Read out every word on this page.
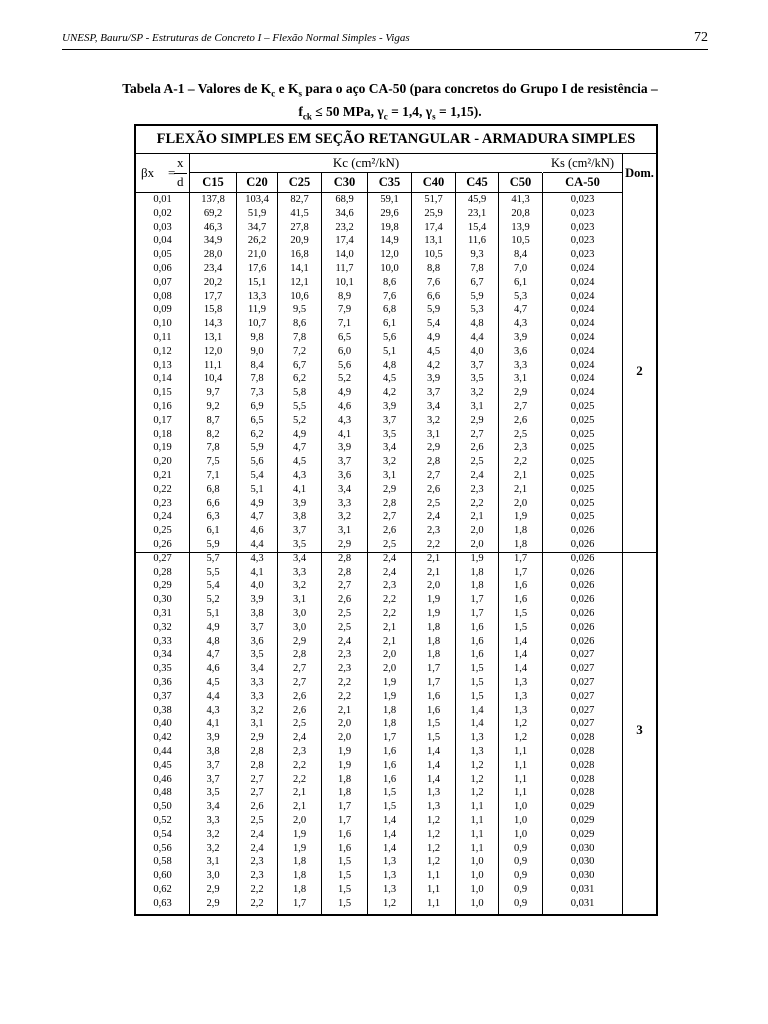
UNESP, Bauru/SP - Estruturas de Concreto I – Flexão Normal Simples - Vigas	72
Tabela A-1 – Valores de $K_c$ e $K_s$ para o aço CA-50 (para concretos do Grupo I de resistência –
$f_{ck} \le 50$ MPa, $\gamma_c = 1,4$, $\gamma_s = 1,15$).
FLEXÃO SIMPLES EM SEÇÃO RETANGULAR - ARMADURA SIMPLES
βx =
x
d
Kc (cm²/kN)	Ks (cm²/kN)
Dom.
C15	C20	C25	C30	C35	C40	C45	C50	CA-50
0,01	137,8	103,4	82,7	68,9	59,1	51,7	45,9	41,3	0,023
0,02	69,2	51,9	41,5	34,6	29,6	25,9	23,1	20,8	0,023
0,03	46,3	34,7	27,8	23,2	19,8	17,4	15,4	13,9	0,023
0,04	34,9	26,2	20,9	17,4	14,9	13,1	11,6	10,5	0,023
0,05	28,0	21,0	16,8	14,0	12,0	10,5	9,3	8,4	0,023
0,06	23,4	17,6	14,1	11,7	10,0	8,8	7,8	7,0	0,024
0,07	20,2	15,1	12,1	10,1	8,6	7,6	6,7	6,1	0,024
0,08	17,7	13,3	10,6	8,9	7,6	6,6	5,9	5,3	0,024
0,09	15,8	11,9	9,5	7,9	6,8	5,9	5,3	4,7	0,024
0,10	14,3	10,7	8,6	7,1	6,1	5,4	4,8	4,3	0,024
0,11	13,1	9,8	7,8	6,5	5,6	4,9	4,4	3,9	0,024
0,12	12,0	9,0	7,2	6,0	5,1	4,5	4,0	3,6	0,024
0,13	11,1	8,4	6,7	5,6	4,8	4,2	3,7	3,3	0,024
0,14	10,4	7,8	6,2	5,2	4,5	3,9	3,5	3,1	0,024
0,15	9,7	7,3	5,8	4,9	4,2	3,7	3,2	2,9	0,024
0,16	9,2	6,9	5,5	4,6	3,9	3,4	3,1	2,7	0,025
0,17	8,7	6,5	5,2	4,3	3,7	3,2	2,9	2,6	0,025
0,18	8,2	6,2	4,9	4,1	3,5	3,1	2,7	2,5	0,025
0,19	7,8	5,9	4,7	3,9	3,4	2,9	2,6	2,3	0,025
0,20	7,5	5,6	4,5	3,7	3,2	2,8	2,5	2,2	0,025
0,21	7,1	5,4	4,3	3,6	3,1	2,7	2,4	2,1	0,025
0,22	6,8	5,1	4,1	3,4	2,9	2,6	2,3	2,1	0,025
0,23	6,6	4,9	3,9	3,3	2,8	2,5	2,2	2,0	0,025
0,24	6,3	4,7	3,8	3,2	2,7	2,4	2,1	1,9	0,025
0,25	6,1	4,6	3,7	3,1	2,6	2,3	2,0	1,8	0,026
0,26	5,9	4,4	3,5	2,9	2,5	2,2	2,0	1,8	0,026
0,27	5,7	4,3	3,4	2,8	2,4	2,1	1,9	1,7	0,026
0,28	5,5	4,1	3,3	2,8	2,4	2,1	1,8	1,7	0,026
0,29	5,4	4,0	3,2	2,7	2,3	2,0	1,8	1,6	0,026
0,30	5,2	3,9	3,1	2,6	2,2	1,9	1,7	1,6	0,026
0,31	5,1	3,8	3,0	2,5	2,2	1,9	1,7	1,5	0,026
0,32	4,9	3,7	3,0	2,5	2,1	1,8	1,6	1,5	0,026
0,33	4,8	3,6	2,9	2,4	2,1	1,8	1,6	1,4	0,026
0,34	4,7	3,5	2,8	2,3	2,0	1,8	1,6	1,4	0,027
0,35	4,6	3,4	2,7	2,3	2,0	1,7	1,5	1,4	0,027
0,36	4,5	3,3	2,7	2,2	1,9	1,7	1,5	1,3	0,027
0,37	4,4	3,3	2,6	2,2	1,9	1,6	1,5	1,3	0,027
0,38	4,3	3,2	2,6	2,1	1,8	1,6	1,4	1,3	0,027
0,40	4,1	3,1	2,5	2,0	1,8	1,5	1,4	1,2	0,027
0,42	3,9	2,9	2,4	2,0	1,7	1,5	1,3	1,2	0,028
0,44	3,8	2,8	2,3	1,9	1,6	1,4	1,3	1,1	0,028
0,45	3,7	2,8	2,2	1,9	1,6	1,4	1,2	1,1	0,028
0,46	3,7	2,7	2,2	1,8	1,6	1,4	1,2	1,1	0,028
0,48	3,5	2,7	2,1	1,8	1,5	1,3	1,2	1,1	0,028
0,50	3,4	2,6	2,1	1,7	1,5	1,3	1,1	1,0	0,029
0,52	3,3	2,5	2,0	1,7	1,4	1,2	1,1	1,0	0,029
0,54	3,2	2,4	1,9	1,6	1,4	1,2	1,1	1,0	0,029
0,56	3,2	2,4	1,9	1,6	1,4	1,2	1,1	0,9	0,030
0,58	3,1	2,3	1,8	1,5	1,3	1,2	1,0	0,9	0,030
0,60	3,0	2,3	1,8	1,5	1,3	1,1	1,0	0,9	0,030
0,62	2,9	2,2	1,8	1,5	1,3	1,1	1,0	0,9	0,031
0,63	2,9	2,2	1,7	1,5	1,2	1,1	1,0	0,9	0,031
2
3
